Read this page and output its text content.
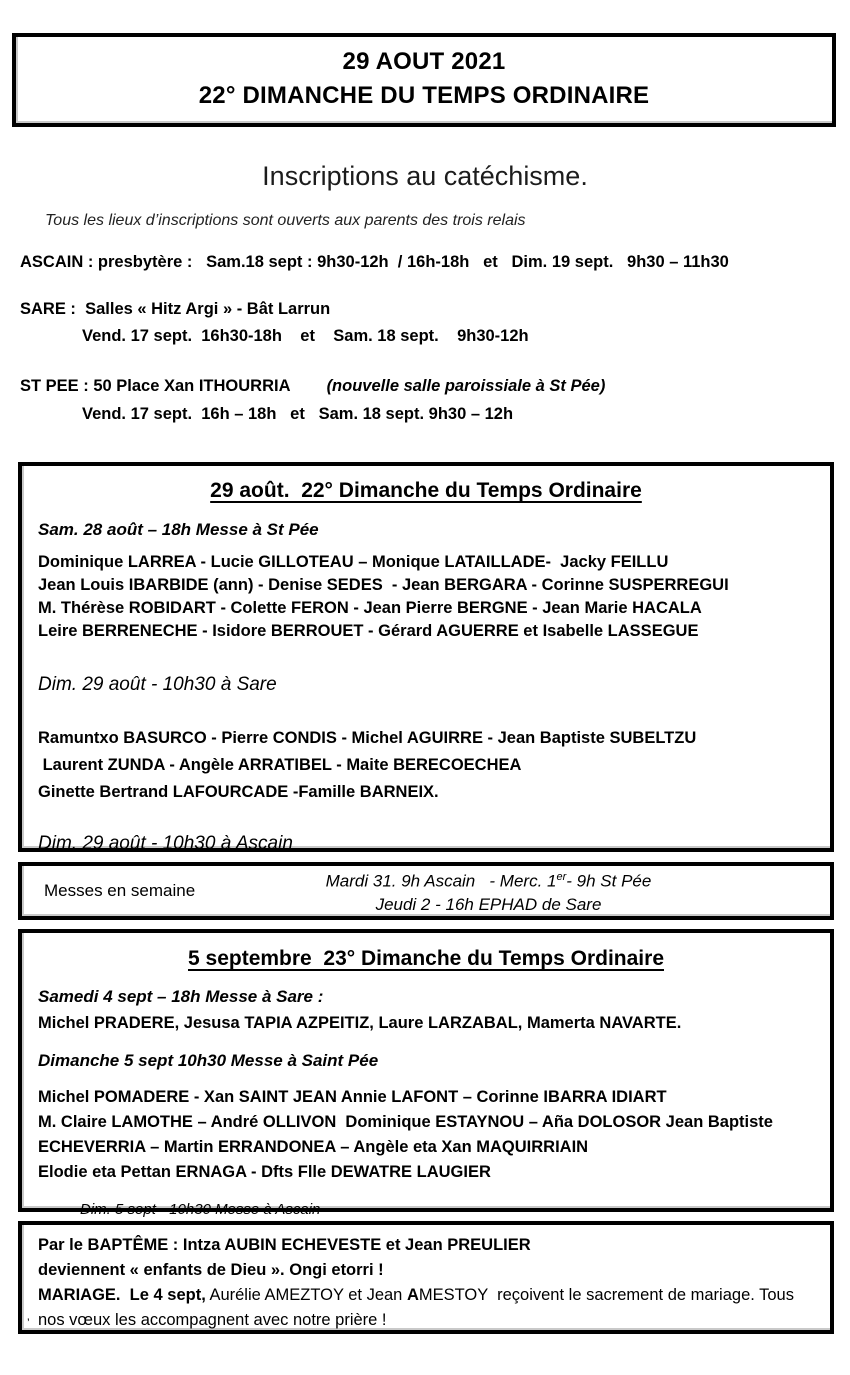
29 AOUT 2021
22° DIMANCHE DU TEMPS ORDINAIRE
Inscriptions au catéchisme.
Tous les lieux d’inscriptions sont ouverts aux parents des trois relais
ASCAIN : presbytère :   Sam.18 sept : 9h30-12h  / 16h-18h   et   Dim. 19 sept.   9h30 – 11h30
SARE :  Salles « Hitz Argi » - Bât Larrun
Vend. 17 sept.  16h30-18h    et    Sam. 18 sept.    9h30-12h
ST PEE : 50 Place Xan ITHOURRIA        (nouvelle salle paroissiale à St Pée)
Vend. 17 sept.  16h – 18h   et   Sam. 18 sept. 9h30 – 12h
29 août.  22° Dimanche du Temps Ordinaire
Sam. 28 août – 18h Messe à St Pée
Dominique LARREA - Lucie GILLOTEAU – Monique LATAILLADE-  Jacky FEILLU
Jean Louis IBARBIDE (ann) - Denise SEDES  - Jean BERGARA - Corinne SUSPERREGUI
M. Thérèse ROBIDART - Colette FERON - Jean Pierre BERGNE - Jean Marie HACALA
Leire BERRENECHE - Isidore BERROUET - Gérard AGUERRE et Isabelle LASSEGUE
Dim. 29 août - 10h30 à Sare
Ramuntxo BASURCO - Pierre CONDIS - Michel AGUIRRE - Jean Baptiste SUBELTZU
Laurent ZUNDA - Angèle ARRATIBEL - Maite BERECOECHEA
Ginette Bertrand LAFOURCADE -Famille BARNEIX.
Dim. 29 août - 10h30 à Ascain
Messes en semaine	Mardi 31. 9h Ascain   - Merc. 1er- 9h St Pée
Jeudi 2 - 16h EPHAD de Sare
5 septembre  23° Dimanche du Temps Ordinaire
Samedi 4 sept – 18h Messe à Sare :
Michel PRADERE, Jesusa TAPIA AZPEITIZ, Laure LARZABAL, Mamerta NAVARTE.
Dimanche 5 sept 10h30 Messe à Saint Pée
Michel POMADERE - Xan SAINT JEAN Annie LAFONT – Corinne IBARRA IDIART
M. Claire LAMOTHE – André OLLIVON  Dominique ESTAYNOU – Aña DOLOSOR Jean Baptiste
ECHEVERRIA – Martin ERRANDONEA – Angèle eta Xan MAQUIRRIAIN
Elodie eta Pettan ERNAGA - Dfts Flle DEWATRE LAUGIER
Dim. 5 sept - 10h30 Messe à Ascain
Par le BAPTÊME : Intza AUBIN ECHEVESTE et Jean PREULIER
deviennent « enfants de Dieu ». Ongi etorri !
MARIAGE.  Le 4 sept, Aurélie AMEZTOY et Jean AMESTOY  reçoivent le sacrement de mariage. Tous nos vœux les accompagnent avec notre prière !
’
